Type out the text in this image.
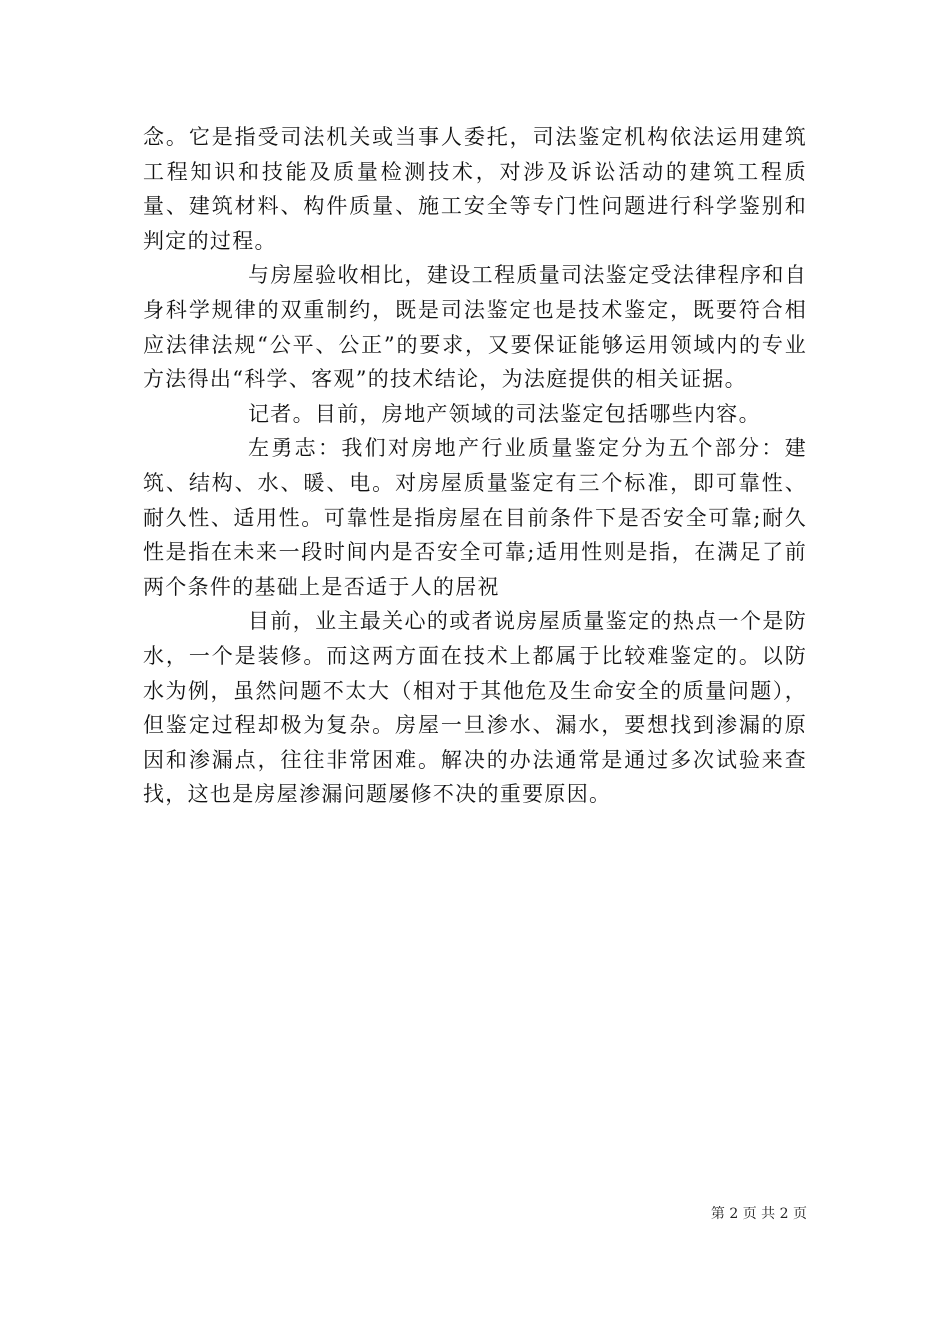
念。它是指受司法机关或当事人委托，司法鉴定机构依法运用建筑工程知识和技能及质量检测技术，对涉及诉讼活动的建筑工程质量、建筑材料、构件质量、施工安全等专门性问题进行科学鉴别和判定的过程。

与房屋验收相比，建设工程质量司法鉴定受法律程序和自身科学规律的双重制约，既是司法鉴定也是技术鉴定，既要符合相应法律法规“公平、公正”的要求，又要保证能够运用领域内的专业方法得出“科学、客观”的技术结论，为法庭提供的相关证据。

记者。目前，房地产领域的司法鉴定包括哪些内容。

左勇志：我们对房地产行业质量鉴定分为五个部分：建筑、结构、水、暖、电。对房屋质量鉴定有三个标准，即可靠性、耐久性、适用性。可靠性是指房屋在目前条件下是否安全可靠;耐久性是指在未来一段时间内是否安全可靠;适用性则是指，在满足了前两个条件的基础上是否适于人的居祝

目前，业主最关心的或者说房屋质量鉴定的热点一个是防水，一个是装修。而这两方面在技术上都属于比较难鉴定的。以防水为例，虽然问题不太大（相对于其他危及生命安全的质量问题），但鉴定过程却极为复杂。房屋一旦渗水、漏水，要想找到渗漏的原因和渗漏点，往往非常困难。解决的办法通常是通过多次试验来查找，这也是房屋渗漏问题屡修不决的重要原因。

第 2 页 共 2 页
